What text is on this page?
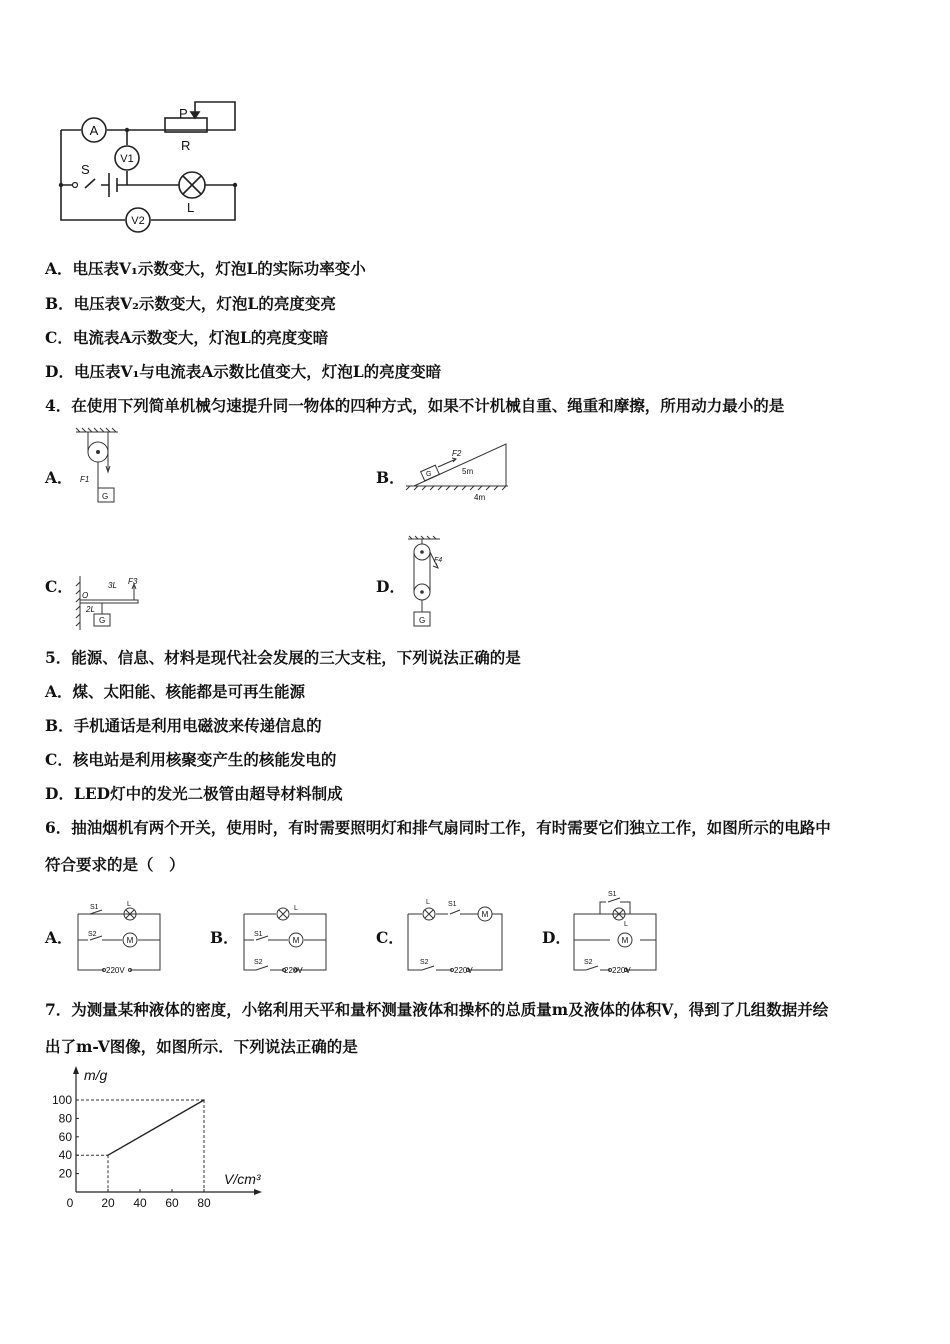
A
V1
V2
P
R
S
L
A．电压表V₁示数变大，灯泡L的实际功率变小
B．电压表V₂示数变大，灯泡L的亮度变亮
C．电流表A示数变大，灯泡L的亮度变暗
D．电压表V₁与电流表A示数比值变大，灯泡L的亮度变暗
4．在使用下列简单机械匀速提升同一物体的四种方式，如果不计机械自重、绳重和摩擦，所用动力最小的是
A．
G
F1	B．	G
F2
5m
4m
C． O
3L F3
2L
G
D．
F4
G
5．能源、信息、材料是现代社会发展的三大支柱，下列说法正确的是
A．煤、太阳能、核能都是可再生能源
B．手机通话是利用电磁波来传递信息的
C．核电站是利用核聚变产生的核能发电的
D．LED灯中的发光二极管由超导材料制成
6．抽油烟机有两个开关，使用时，有时需要照明灯和排气扇同时工作，有时需要它们独立工作，如图所示的电路中
符合要求的是（　）
A．	M
S1	L
S2
220V
B．	M
L
S1
S2
220V
C．
M
L	S1
S2
220V
D．	M
S1
L
S2
220V
7．为测量某种液体的密度，小铭利用天平和量杯测量液体和操杯的总质量m及液体的体积V，得到了几组数据并绘
出了m-V图像，如图所示．下列说法正确的是
0 20 40 60 80
20
40
60
80
100
m/g
V/cm³
